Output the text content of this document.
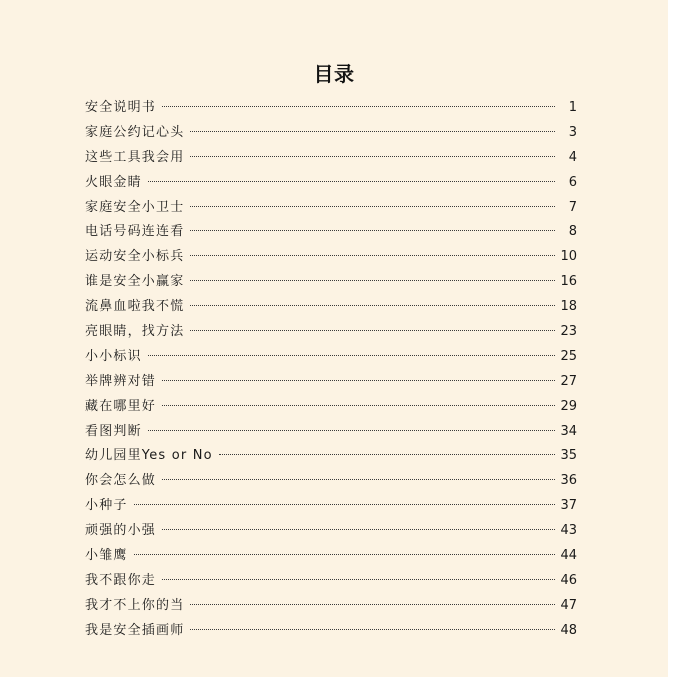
目录
安全说明书	1
家庭公约记心头	3
这些工具我会用	4
火眼金睛	6
家庭安全小卫士	7
电话号码连连看	8
运动安全小标兵	10
谁是安全小赢家	16
流鼻血啦我不慌	18
亮眼睛，找方法	23
小小标识	25
举牌辨对错	27
藏在哪里好	29
看图判断	34
幼儿园里Yes or No	35
你会怎么做	36
小种子	37
顽强的小强	43
小雏鹰	44
我不跟你走	46
我才不上你的当	47
我是安全插画师	48
